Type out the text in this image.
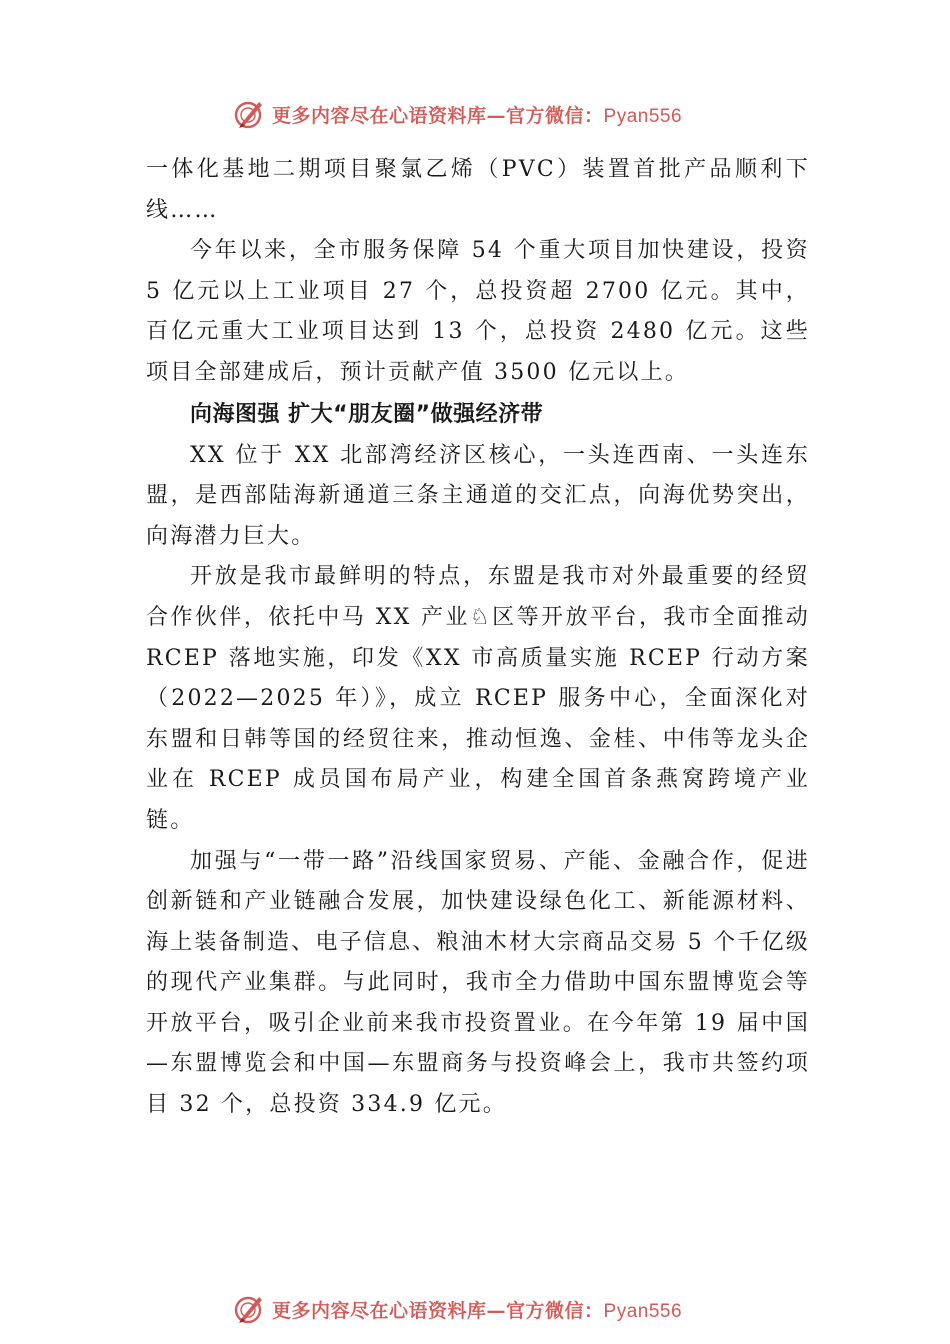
更多内容尽在心语资料库—官方微信：Pyan556

一体化基地二期项目聚氯乙烯（PVC）装置首批产品顺利下线……

今年以来，全市服务保障 54 个重大项目加快建设，投资 5 亿元以上工业项目 27 个，总投资超 2700 亿元。其中，百亿元重大工业项目达到 13 个，总投资 2480 亿元。这些项目全部建成后，预计贡献产值 3500 亿元以上。

向海图强 扩大“朋友圈”做强经济带

XX 位于 XX 北部湾经济区核心，一头连西南、一头连东盟，是西部陆海新通道三条主通道的交汇点，向海优势突出，向海潜力巨大。

开放是我市最鲜明的特点，东盟是我市对外最重要的经贸合作伙伴，依托中马 XX 产业♘区等开放平台，我市全面推动 RCEP 落地实施，印发《XX 市高质量实施 RCEP 行动方案（2022—2025 年）》，成立 RCEP 服务中心，全面深化对东盟和日韩等国的经贸往来，推动恒逸、金桂、中伟等龙头企业在 RCEP 成员国布局产业，构建全国首条燕窝跨境产业链。

加强与“一带一路”沿线国家贸易、产能、金融合作，促进创新链和产业链融合发展，加快建设绿色化工、新能源材料、海上装备制造、电子信息、粮油木材大宗商品交易 5 个千亿级的现代产业集群。与此同时，我市全力借助中国东盟博览会等开放平台，吸引企业前来我市投资置业。在今年第 19 届中国—东盟博览会和中国—东盟商务与投资峰会上，我市共签约项目 32 个，总投资 334.9 亿元。

更多内容尽在心语资料库—官方微信：Pyan556
